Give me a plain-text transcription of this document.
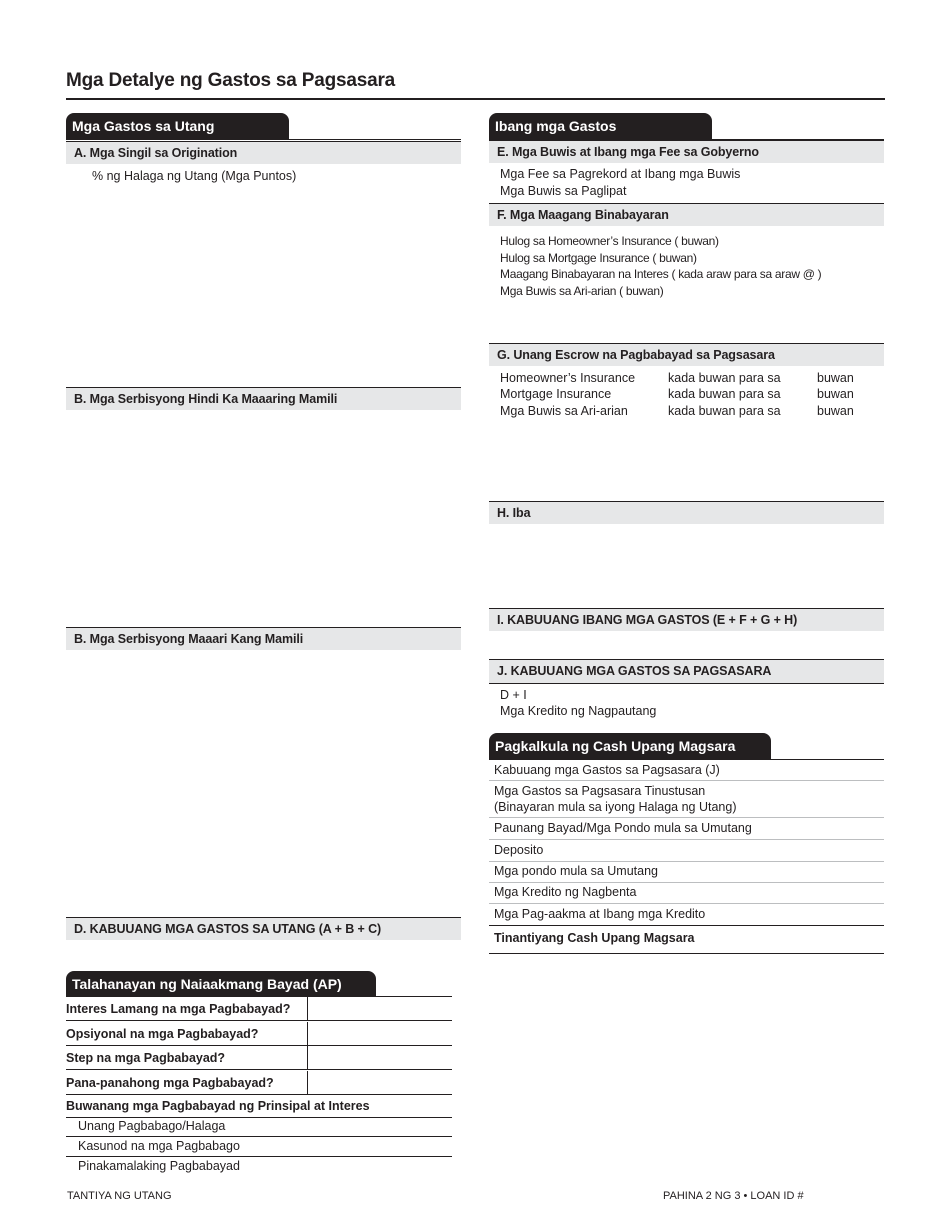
Mga Detalye ng Gastos sa Pagsasara
Mga Gastos sa Utang
A. Mga Singil sa Origination
% ng Halaga ng Utang (Mga Puntos)
B. Mga Serbisyong Hindi Ka Maaaring Mamili
B. Mga Serbisyong Maaari Kang Mamili
D. KABUUANG MGA GASTOS SA UTANG (A + B + C)
Talahanayan ng Naiaakmang Bayad (AP)
Interes Lamang na mga Pagbabayad?
Opsiyonal na mga Pagbabayad?
Step na mga Pagbabayad?
Pana-panahong mga Pagbabayad?
Buwanang mga Pagbabayad ng Prinsipal at Interes
Unang Pagbabago/Halaga
Kasunod na mga Pagbabago
Pinakamalaking Pagbabayad
Ibang mga Gastos
E. Mga Buwis at Ibang mga Fee sa Gobyerno
Mga Fee sa Pagrekord at Ibang mga Buwis
Mga Buwis sa Paglipat
F. Mga Maagang Binabayaran
Hulog sa Homeowner’s Insurance ( buwan)
Hulog sa Mortgage Insurance ( buwan)
Maagang Binabayaran na Interes ( kada araw para sa araw @ )
Mga Buwis sa Ari-arian ( buwan)
G. Unang Escrow na Pagbabayad sa Pagsasara
Homeowner’s Insurance	kada buwan para sa	buwan
Mortgage Insurance	kada buwan para sa	buwan
Mga Buwis sa Ari-arian	kada buwan para sa	buwan
H. Iba
I. KABUUANG IBANG MGA GASTOS (E + F + G + H)
J. KABUUANG MGA GASTOS SA PAGSASARA
D + I
Mga Kredito ng Nagpautang
Pagkalkula ng Cash Upang Magsara
Kabuuang mga Gastos sa Pagsasara (J)
Mga Gastos sa Pagsasara Tinustusan
(Binayaran mula sa iyong Halaga ng Utang)
Paunang Bayad/Mga Pondo mula sa Umutang
Deposito
Mga pondo mula sa Umutang
Mga Kredito ng Nagbenta
Mga Pag-aakma at Ibang mga Kredito
Tinantiyang Cash Upang Magsara
TANTIYA NG UTANG	PAHINA 2 NG 3 • LOAN ID #
